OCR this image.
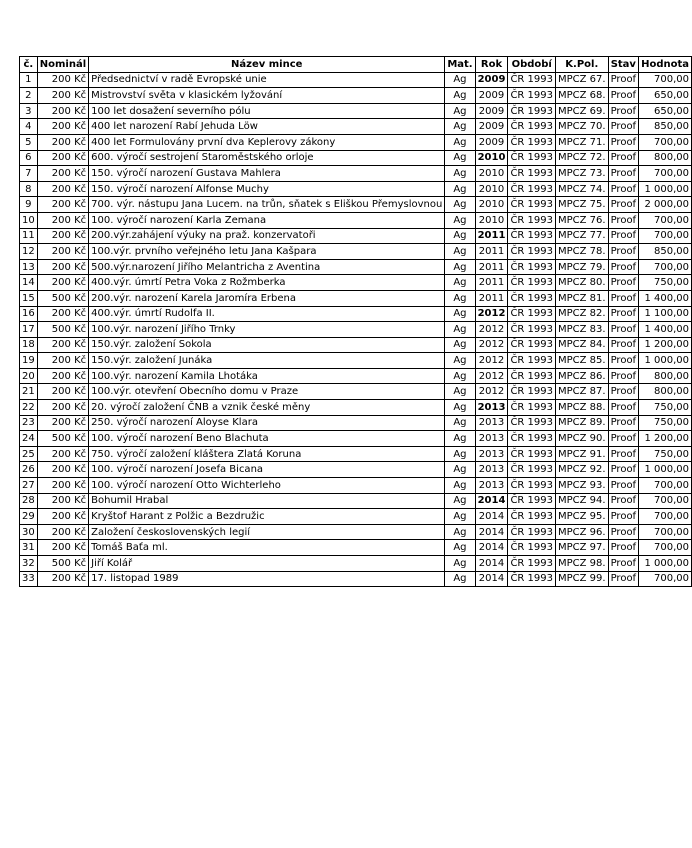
č.	Nominál	Název mince	Mat.	Rok	Období	K.Pol.	Stav	Hodnota
1	200 Kč	Předsednictví v radě Evropské unie	Ag	2009	ČR 1993	MPCZ 67.	Proof	700,00
2	200 Kč	Mistrovství světa v klasickém lyžování	Ag	2009	ČR 1993	MPCZ 68.	Proof	650,00
3	200 Kč	100 let dosažení severního pólu	Ag	2009	ČR 1993	MPCZ 69.	Proof	650,00
4	200 Kč	400 let narození Rabí Jehuda Löw	Ag	2009	ČR 1993	MPCZ 70.	Proof	850,00
5	200 Kč	400 let Formulovány první dva Keplerovy zákony	Ag	2009	ČR 1993	MPCZ 71.	Proof	700,00
6	200 Kč	600. výročí sestrojení Staroměstského orloje	Ag	2010	ČR 1993	MPCZ 72.	Proof	800,00
7	200 Kč	150. výročí narození Gustava Mahlera	Ag	2010	ČR 1993	MPCZ 73.	Proof	700,00
8	200 Kč	150. výročí narození Alfonse Muchy	Ag	2010	ČR 1993	MPCZ 74.	Proof	1 000,00
9	200 Kč	700. výr. nástupu Jana Lucem. na trůn, sňatek s Eliškou Přemyslovnou	Ag	2010	ČR 1993	MPCZ 75.	Proof	2 000,00
10	200 Kč	100. výročí narození Karla Zemana	Ag	2010	ČR 1993	MPCZ 76.	Proof	700,00
11	200 Kč	200.výr.zahájení výuky na praž. konzervatoři	Ag	2011	ČR 1993	MPCZ 77.	Proof	700,00
12	200 Kč	100.výr. prvního veřejného letu Jana Kašpara	Ag	2011	ČR 1993	MPCZ 78.	Proof	850,00
13	200 Kč	500.výr.narození Jiřího Melantricha z Aventina	Ag	2011	ČR 1993	MPCZ 79.	Proof	700,00
14	200 Kč	400.výr. úmrtí Petra Voka z Rožmberka	Ag	2011	ČR 1993	MPCZ 80.	Proof	750,00
15	500 Kč	200.výr. narození Karela Jaromíra Erbena	Ag	2011	ČR 1993	MPCZ 81.	Proof	1 400,00
16	200 Kč	400.výr. úmrtí Rudolfa II.	Ag	2012	ČR 1993	MPCZ 82.	Proof	1 100,00
17	500 Kč	100.výr. narození Jiřího Trnky	Ag	2012	ČR 1993	MPCZ 83.	Proof	1 400,00
18	200 Kč	150.výr. založení Sokola	Ag	2012	ČR 1993	MPCZ 84.	Proof	1 200,00
19	200 Kč	150.výr. založení Junáka	Ag	2012	ČR 1993	MPCZ 85.	Proof	1 000,00
20	200 Kč	100.výr. narození Kamila Lhotáka	Ag	2012	ČR 1993	MPCZ 86.	Proof	800,00
21	200 Kč	100.výr. otevření Obecního domu v Praze	Ag	2012	ČR 1993	MPCZ 87.	Proof	800,00
22	200 Kč	20. výročí založení ČNB a vznik české měny	Ag	2013	ČR 1993	MPCZ 88.	Proof	750,00
23	200 Kč	250. výročí narození Aloyse Klara	Ag	2013	ČR 1993	MPCZ 89.	Proof	750,00
24	500 Kč	100. výročí narození Beno Blachuta	Ag	2013	ČR 1993	MPCZ 90.	Proof	1 200,00
25	200 Kč	750. výročí založení kláštera Zlatá Koruna	Ag	2013	ČR 1993	MPCZ 91.	Proof	750,00
26	200 Kč	100. výročí narození Josefa Bicana	Ag	2013	ČR 1993	MPCZ 92.	Proof	1 000,00
27	200 Kč	100. výročí narození Otto Wichterleho	Ag	2013	ČR 1993	MPCZ 93.	Proof	700,00
28	200 Kč	Bohumil Hrabal	Ag	2014	ČR 1993	MPCZ 94.	Proof	700,00
29	200 Kč	Kryštof Harant z Polžic a Bezdružic	Ag	2014	ČR 1993	MPCZ 95.	Proof	700,00
30	200 Kč	Založení československých legií	Ag	2014	ČR 1993	MPCZ 96.	Proof	700,00
31	200 Kč	Tomáš Baťa ml.	Ag	2014	ČR 1993	MPCZ 97.	Proof	700,00
32	500 Kč	Jiří Kolář	Ag	2014	ČR 1993	MPCZ 98.	Proof	1 000,00
33	200 Kč	17. listopad 1989	Ag	2014	ČR 1993	MPCZ 99.	Proof	700,00
